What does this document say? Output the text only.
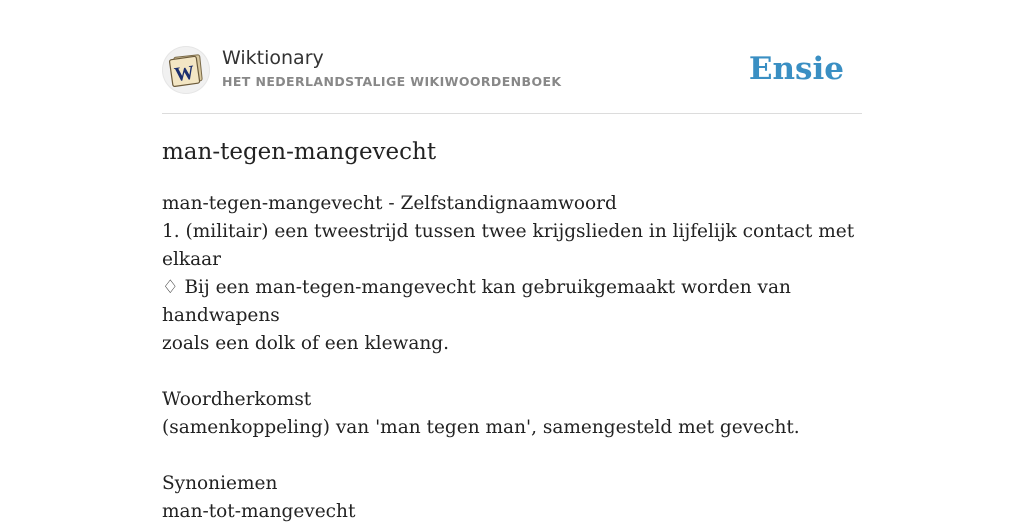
W
Wiktionary
HET NEDERLANDSTALIGE WIKIWOORDENBOEK	Ensie
man-tegen-mangevecht

man-tegen-mangevecht - Zelfstandignaamwoord

1. (militair) een tweestrijd tussen twee krijgslieden in lijfelijk contact met elkaar

♢ Bij een man-tegen-mangevecht kan gebruikgemaakt worden van handwapens

zoals een dolk of een klewang.

Woordherkomst

(samenkoppeling) van 'man tegen man', samengesteld met gevecht.

Synoniemen

man-tot-mangevecht
